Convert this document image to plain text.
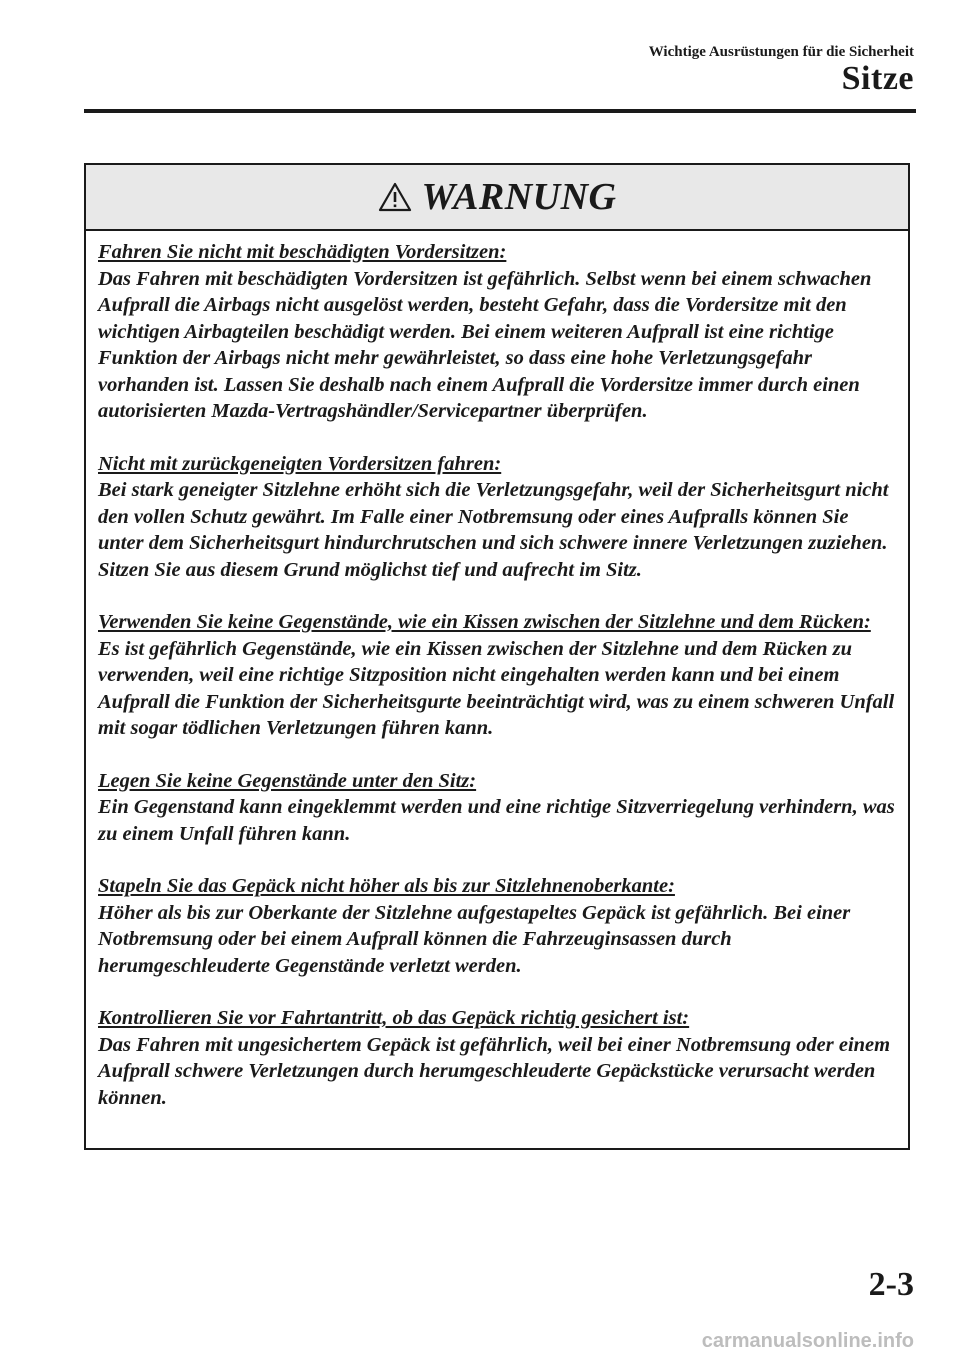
Wichtige Ausrüstungen für die Sicherheit
Sitze
WARNUNG
Fahren Sie nicht mit beschädigten Vordersitzen:

Das Fahren mit beschädigten Vordersitzen ist gefährlich. Selbst wenn bei einem schwachen Aufprall die Airbags nicht ausgelöst werden, besteht Gefahr, dass die Vordersitze mit den wichtigen Airbagteilen beschädigt werden. Bei einem weiteren Aufprall ist eine richtige Funktion der Airbags nicht mehr gewährleistet, so dass eine hohe Verletzungsgefahr vorhanden ist. Lassen Sie deshalb nach einem Aufprall die Vordersitze immer durch einen autorisierten Mazda-Vertragshändler/Servicepartner überprüfen.

Nicht mit zurückgeneigten Vordersitzen fahren:

Bei stark geneigter Sitzlehne erhöht sich die Verletzungsgefahr, weil der Sicherheitsgurt nicht den vollen Schutz gewährt. Im Falle einer Notbremsung oder eines Aufpralls können Sie unter dem Sicherheitsgurt hindurchrutschen und sich schwere innere Verletzungen zuziehen. Sitzen Sie aus diesem Grund möglichst tief und aufrecht im Sitz.

Verwenden Sie keine Gegenstände, wie ein Kissen zwischen der Sitzlehne und dem Rücken:

Es ist gefährlich Gegenstände, wie ein Kissen zwischen der Sitzlehne und dem Rücken zu verwenden, weil eine richtige Sitzposition nicht eingehalten werden kann und bei einem Aufprall die Funktion der Sicherheitsgurte beeinträchtigt wird, was zu einem schweren Unfall mit sogar tödlichen Verletzungen führen kann.

Legen Sie keine Gegenstände unter den Sitz:

Ein Gegenstand kann eingeklemmt werden und eine richtige Sitzverriegelung verhindern, was zu einem Unfall führen kann.

Stapeln Sie das Gepäck nicht höher als bis zur Sitzlehnenoberkante:

Höher als bis zur Oberkante der Sitzlehne aufgestapeltes Gepäck ist gefährlich. Bei einer Notbremsung oder bei einem Aufprall können die Fahrzeuginsassen durch herumgeschleuderte Gegenstände verletzt werden.

Kontrollieren Sie vor Fahrtantritt, ob das Gepäck richtig gesichert ist:

Das Fahren mit ungesichertem Gepäck ist gefährlich, weil bei einer Notbremsung oder einem Aufprall schwere Verletzungen durch herumgeschleuderte Gepäckstücke verursacht werden können.

2-3
carmanualsonline.info
